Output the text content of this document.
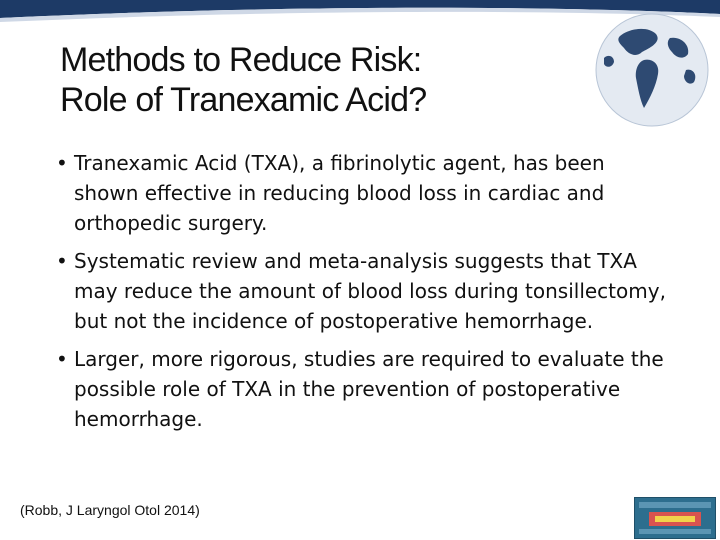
Methods to Reduce Risk:
Role of Tranexamic Acid?
• Tranexamic Acid (TXA), a fibrinolytic agent, has been shown effective in reducing blood loss in cardiac and orthopedic surgery.
• Systematic review and meta-analysis suggests that TXA may reduce the amount of blood loss during tonsillectomy, but not the incidence of postoperative hemorrhage.
• Larger, more rigorous, studies are required to evaluate the possible role of TXA in the prevention of postoperative hemorrhage.
(Robb, J Laryngol Otol 2014)
